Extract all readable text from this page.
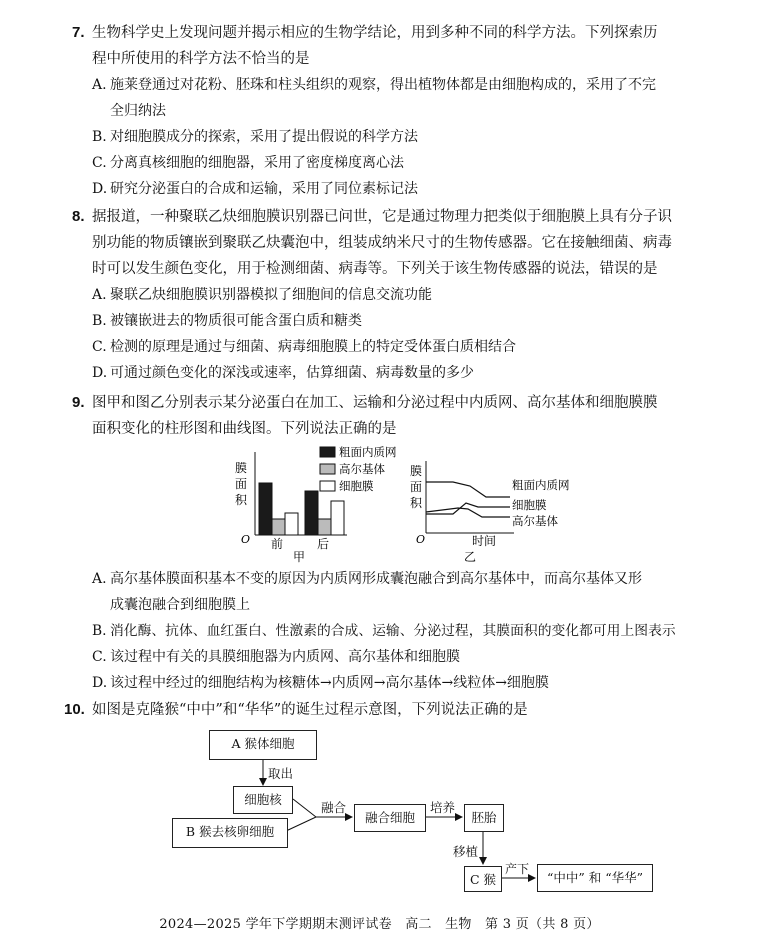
7. 生物科学史上发现问题并揭示相应的生物学结论，用到多种不同的科学方法。下列探索历
程中所使用的科学方法不恰当的是
A. 施莱登通过对花粉、胚珠和柱头组织的观察，得出植物体都是由细胞构成的，采用了不完
全归纳法
B. 对细胞膜成分的探索，采用了提出假说的科学方法
C. 分离真核细胞的细胞器，采用了密度梯度离心法
D. 研究分泌蛋白的合成和运输，采用了同位素标记法
8. 据报道，一种聚联乙炔细胞膜识别器已问世，它是通过物理力把类似于细胞膜上具有分子识
别功能的物质镶嵌到聚联乙炔囊泡中，组装成纳米尺寸的生物传感器。它在接触细菌、病毒
时可以发生颜色变化，用于检测细菌、病毒等。下列关于该生物传感器的说法，错误的是
A. 聚联乙炔细胞膜识别器模拟了细胞间的信息交流功能
B. 被镶嵌进去的物质很可能含蛋白质和糖类
C. 检测的原理是通过与细菌、病毒细胞膜上的特定受体蛋白质相结合
D. 可通过颜色变化的深浅或速率，估算细菌、病毒数量的多少
9. 图甲和图乙分别表示某分泌蛋白在加工、运输和分泌过程中内质网、高尔基体和细胞膜膜
面积变化的柱形图和曲线图。下列说法正确的是
膜
面
积
O 前	后
甲
粗面内质网
高尔基体
细胞膜
膜
面
积
O
粗面内质网
细胞膜
高尔基体
时间
乙
A. 高尔基体膜面积基本不变的原因为内质网形成囊泡融合到高尔基体中，而高尔基体又形
成囊泡融合到细胞膜上
B. 消化酶、抗体、血红蛋白、性激素的合成、运输、分泌过程，其膜面积的变化都可用上图表示
C. 该过程中有关的具膜细胞器为内质网、高尔基体和细胞膜
D. 该过程中经过的细胞结构为核糖体→内质网→高尔基体→线粒体→细胞膜
10. 如图是克隆猴“中中”和“华华”的诞生过程示意图，下列说法正确的是
A 猴体细胞
取出
细胞核
B 猴去核卵细胞
融合
融合细胞
培养
胚胎
移植
C 猴
产下
“中中” 和 “华华”
2024—2025 学年下学期期末测评试卷　高二　生物　第 3 页（共 8 页）
